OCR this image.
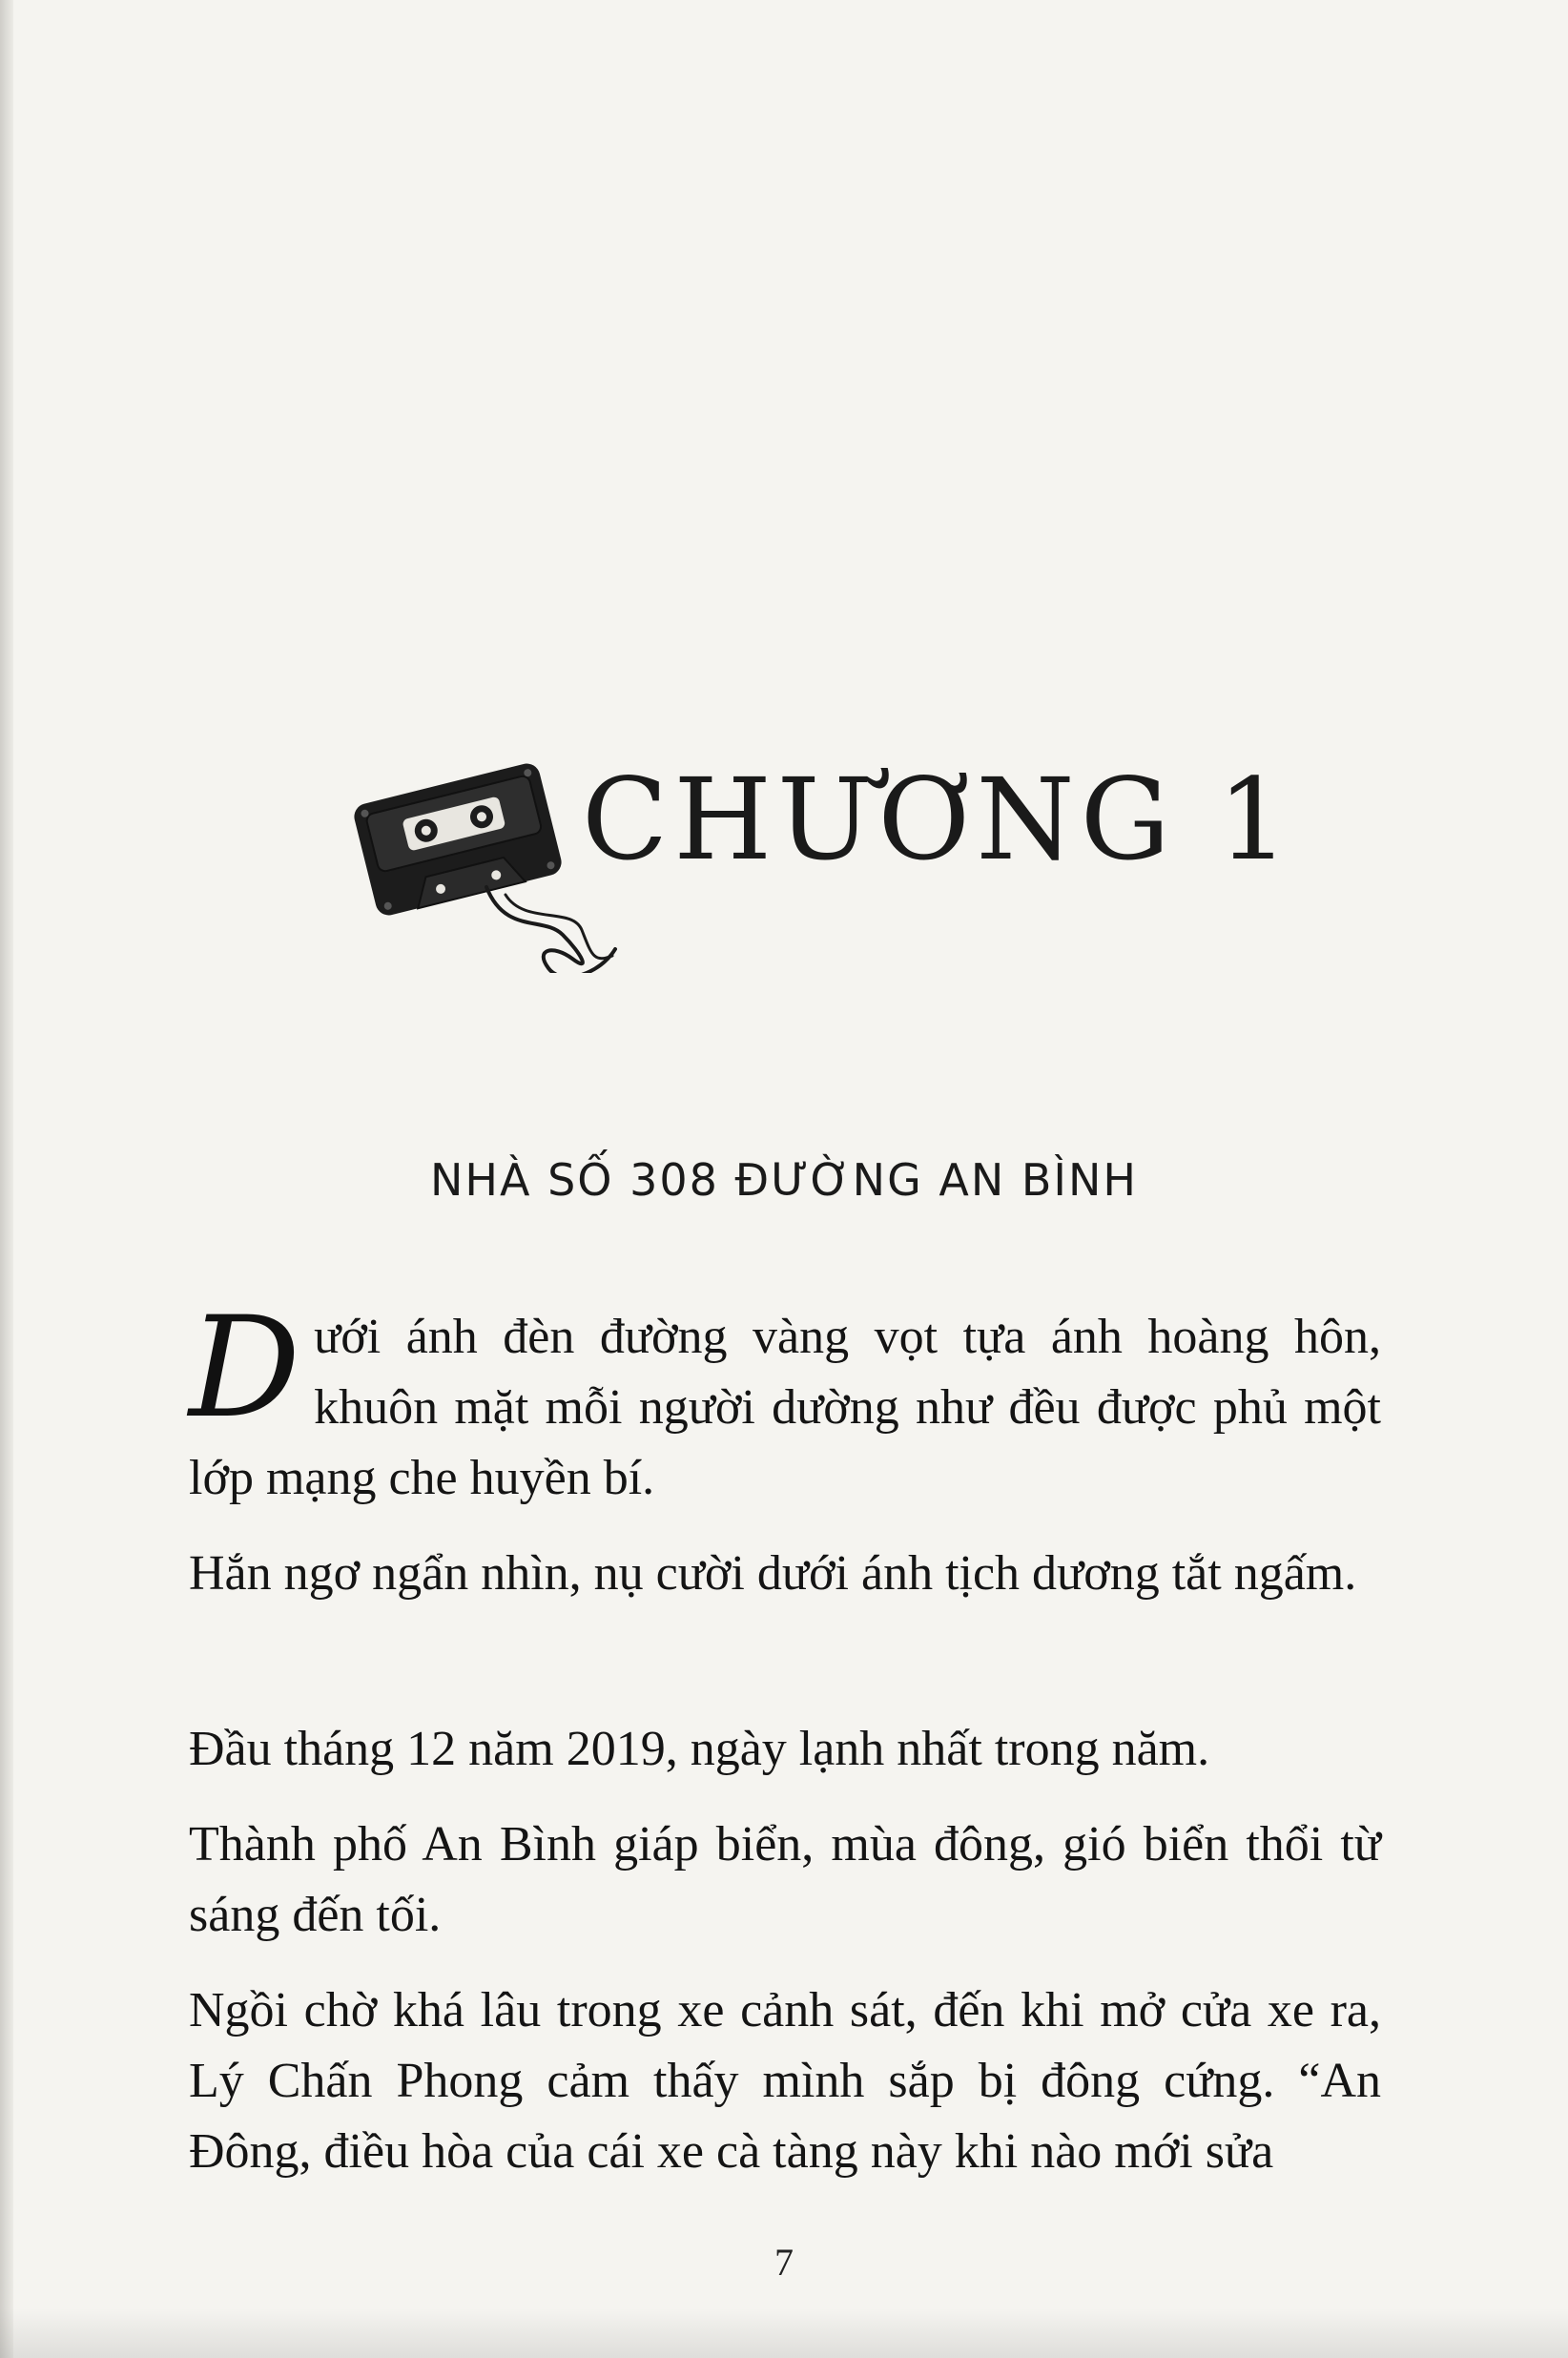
CHƯƠNG 1
NHÀ SỐ 308 ĐƯỜNG AN BÌNH

Dưới ánh đèn đường vàng vọt tựa ánh hoàng hôn, khuôn mặt mỗi người dường như đều được phủ một lớp mạng che huyền bí.

Hắn ngơ ngẩn nhìn, nụ cười dưới ánh tịch dương tắt ngấm.

Đầu tháng 12 năm 2019, ngày lạnh nhất trong năm.

Thành phố An Bình giáp biển, mùa đông, gió biển thổi từ sáng đến tối.

Ngồi chờ khá lâu trong xe cảnh sát, đến khi mở cửa xe ra, Lý Chấn Phong cảm thấy mình sắp bị đông cứng. “An Đông, điều hòa của cái xe cà tàng này khi nào mới sửa

7
